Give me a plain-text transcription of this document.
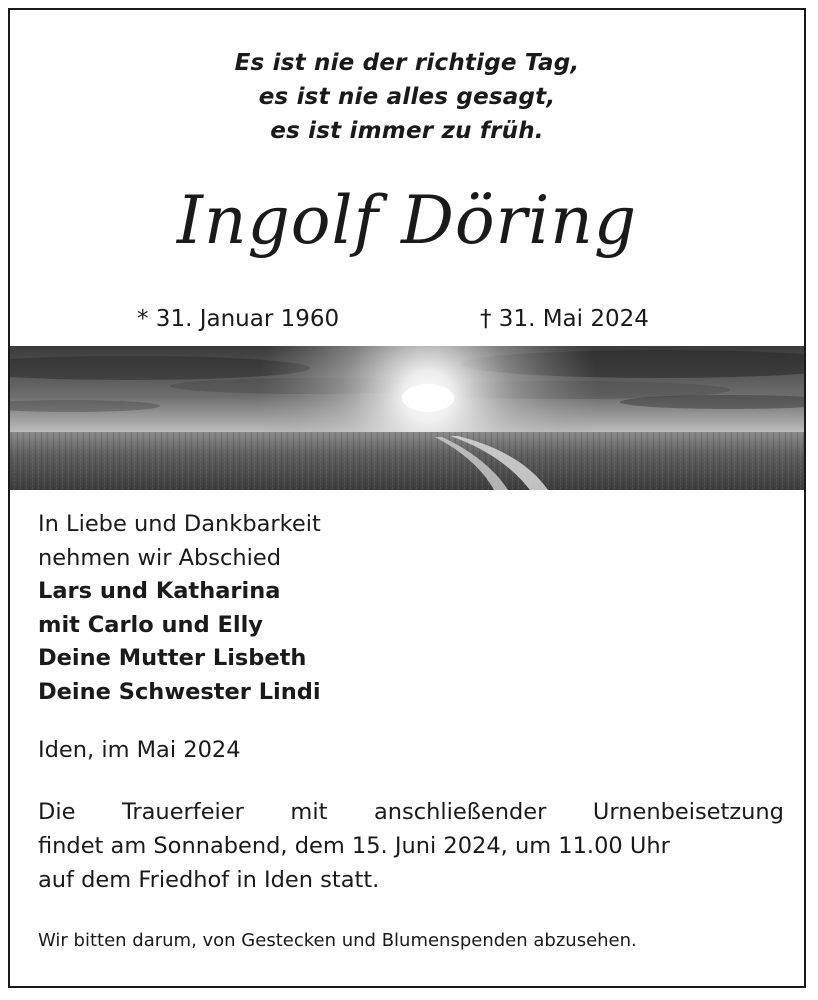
Es ist nie der richtige Tag,
es ist nie alles gesagt,
es ist immer zu früh.
Ingolf Döring
* 31. Januar 1960	† 31. Mai 2024
In Liebe und Dankbarkeit
nehmen wir Abschied
Lars und Katharina
mit Carlo und Elly
Deine Mutter Lisbeth
Deine Schwester Lindi
Iden, im Mai 2024
Die Trauerfeier mit anschließender Urnenbeisetzung
findet am Sonnabend, dem 15. Juni 2024, um 11.00 Uhr
auf dem Friedhof in Iden statt.
Wir bitten darum, von Gestecken und Blumenspenden abzusehen.
